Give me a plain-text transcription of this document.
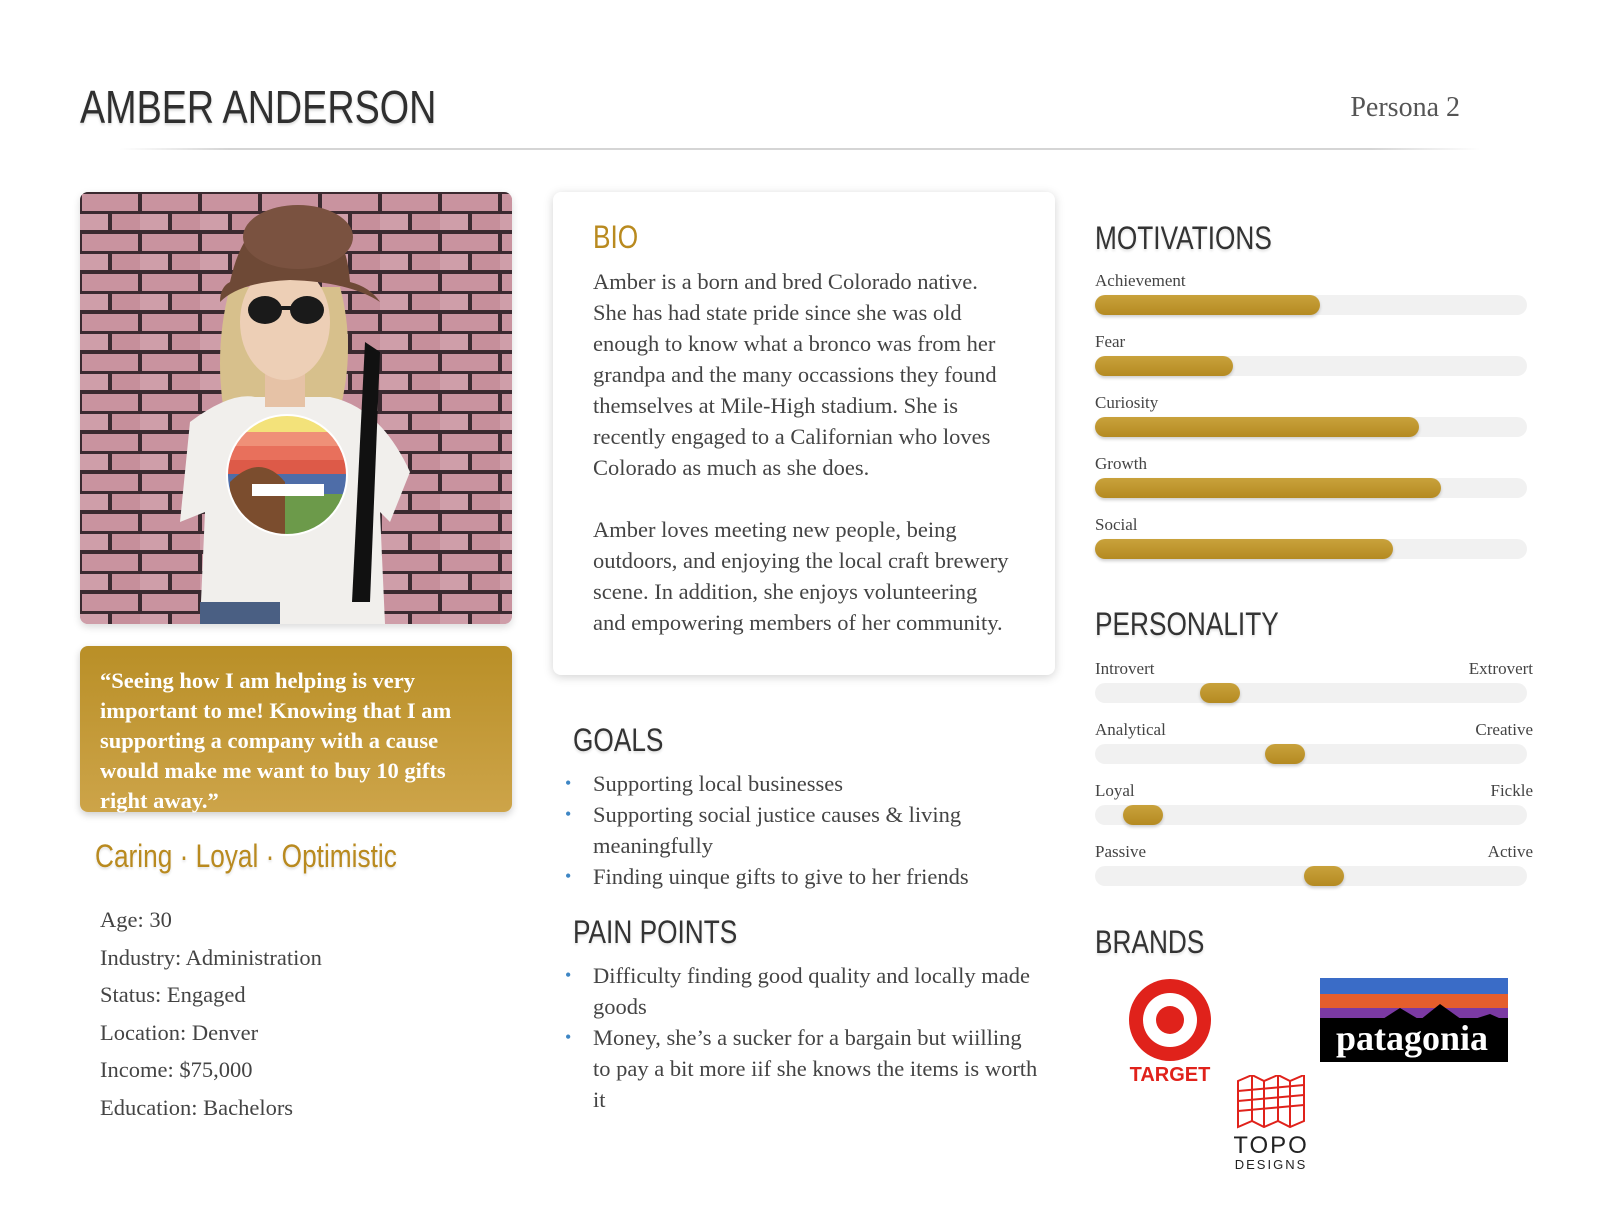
AMBER ANDERSON	Persona 2
“Seeing how I am helping is very important to me! Knowing that I am supporting a company with a cause would make me want to buy 10 gifts right away.”
Caring · Loyal · Optimistic
Age: 30
Industry: Administration
Status: Engaged
Location: Denver
Income: $75,000
Education: Bachelors
BIO

Amber is a born and bred Colorado native. She has had state pride since she was old enough to know what a bronco was from her grandpa and the many occassions they found themselves at Mile-High stadium. She is recently engaged to a Californian who loves Colorado as much as she does.

Amber loves meeting new people, being outdoors, and enjoying the local craft brewery scene. In addition, she enjoys volunteering and empowering members of her community.

GOALS
• Supporting local businesses
• Supporting social justice causes & living meaningfully
• Finding uinque gifts to give to her friends
PAIN POINTS
• Difficulty finding good quality and locally made goods
• Money, she’s a sucker for a bargain but wiilling to pay a bit more iif she knows the items is worth it
MOTIVATIONS
Achievement
Fear
Curiosity
Growth
Social
PERSONALITY
Introvert	Extrovert
Analytical	Creative
Loyal	Fickle
Passive	Active
BRANDS
TARGET
patagonia
TOPO
DESIGNS
